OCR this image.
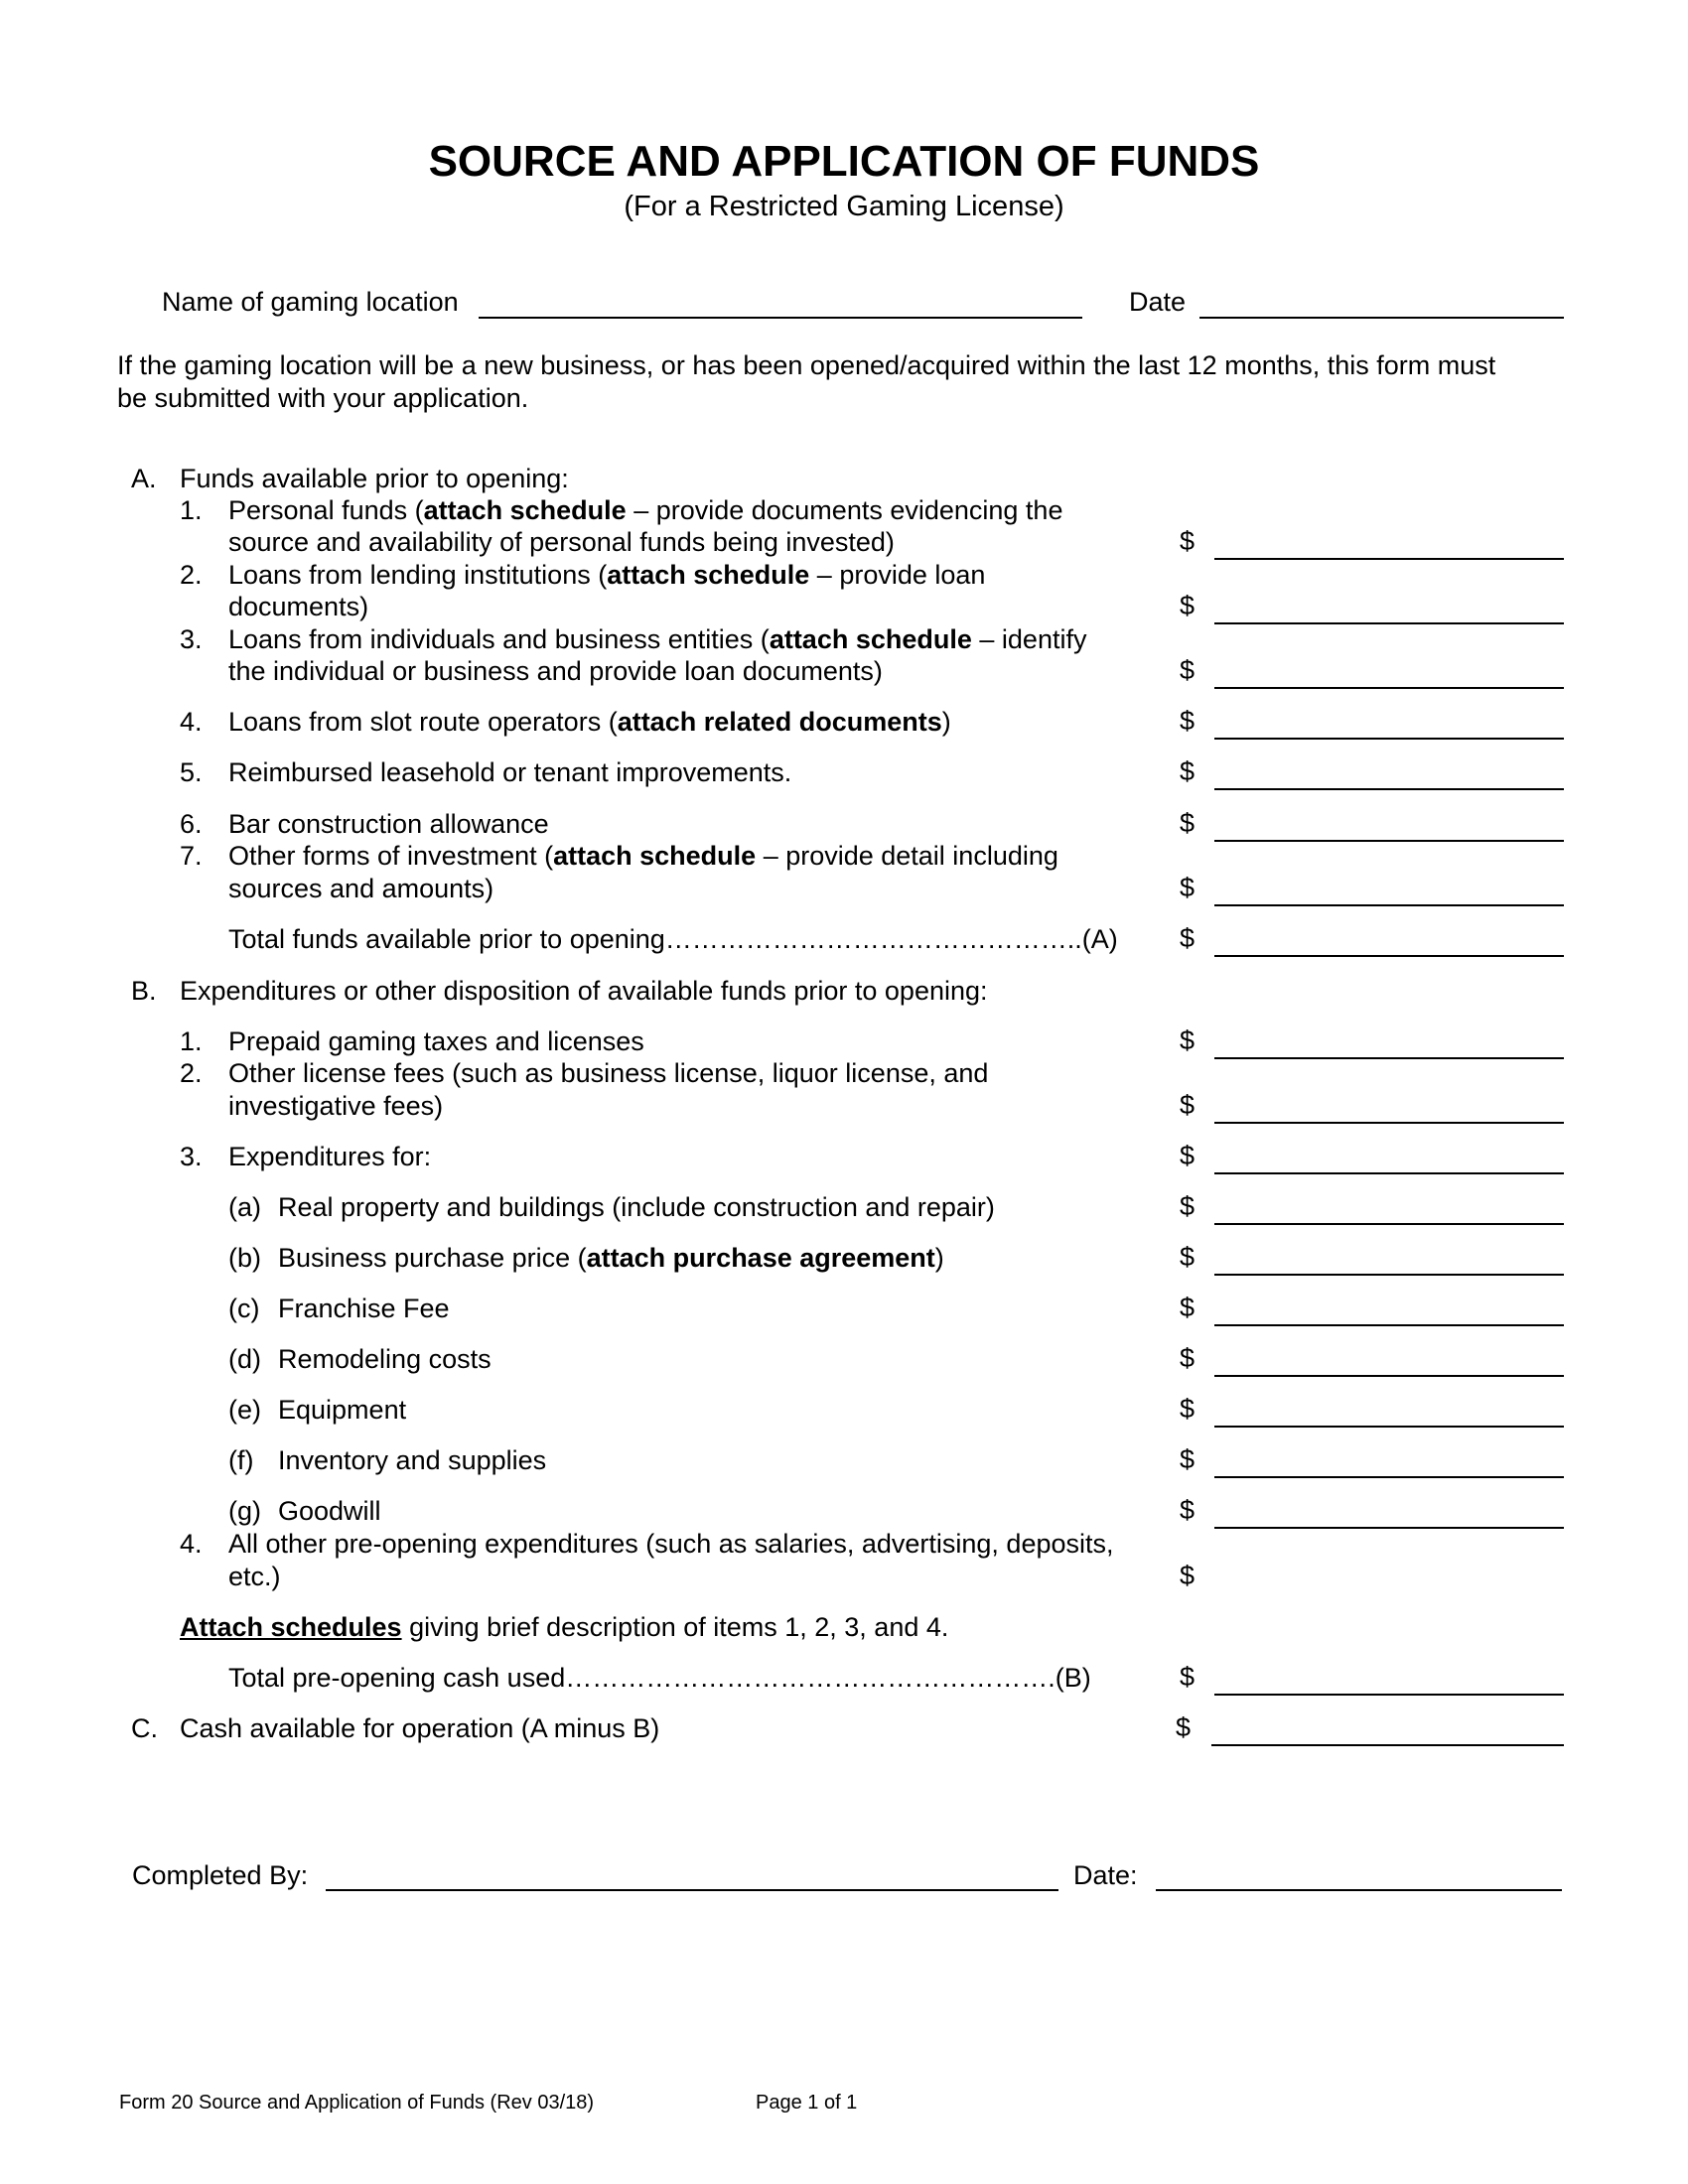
SOURCE AND APPLICATION OF FUNDS
(For a Restricted Gaming License)
Name of gaming location	Date
If the gaming location will be a new business, or has been opened/acquired within the last 12 months, this form must
be submitted with your application.
A. Funds available prior to opening:
1. Personal funds (attach schedule – provide documents evidencing the
source and availability of personal funds being invested)	$
2. Loans from lending institutions (attach schedule – provide loan
documents)	$
3. Loans from individuals and business entities (attach schedule – identify
the individual or business and provide loan documents)	$
4. Loans from slot route operators (attach related documents)	$
5. Reimbursed leasehold or tenant improvements.	$
6. Bar construction allowance	$
7. Other forms of investment (attach schedule – provide detail including
sources and amounts)	$
Total funds available prior to opening………………………………………..(A) $
B. Expenditures or other disposition of available funds prior to opening:
1. Prepaid gaming taxes and licenses	$
2. Other license fees (such as business license, liquor license, and
investigative fees)	$
3. Expenditures for:	$
(a) Real property and buildings (include construction and repair)	$
(b) Business purchase price (attach purchase agreement)	$
(c) Franchise Fee	$
(d) Remodeling costs	$
(e) Equipment	$
(f) Inventory and supplies	$
(g) Goodwill	$
4. All other pre-opening expenditures (such as salaries, advertising, deposits,
etc.)	$
Attach schedules giving brief description of items 1, 2, 3, and 4.
Total pre-opening cash used……………………………………………….(B)	$
C. Cash available for operation (A minus B)	$
Completed By:	Date:
Form 20 Source and Application of Funds (Rev 03/18)	Page 1 of 1
